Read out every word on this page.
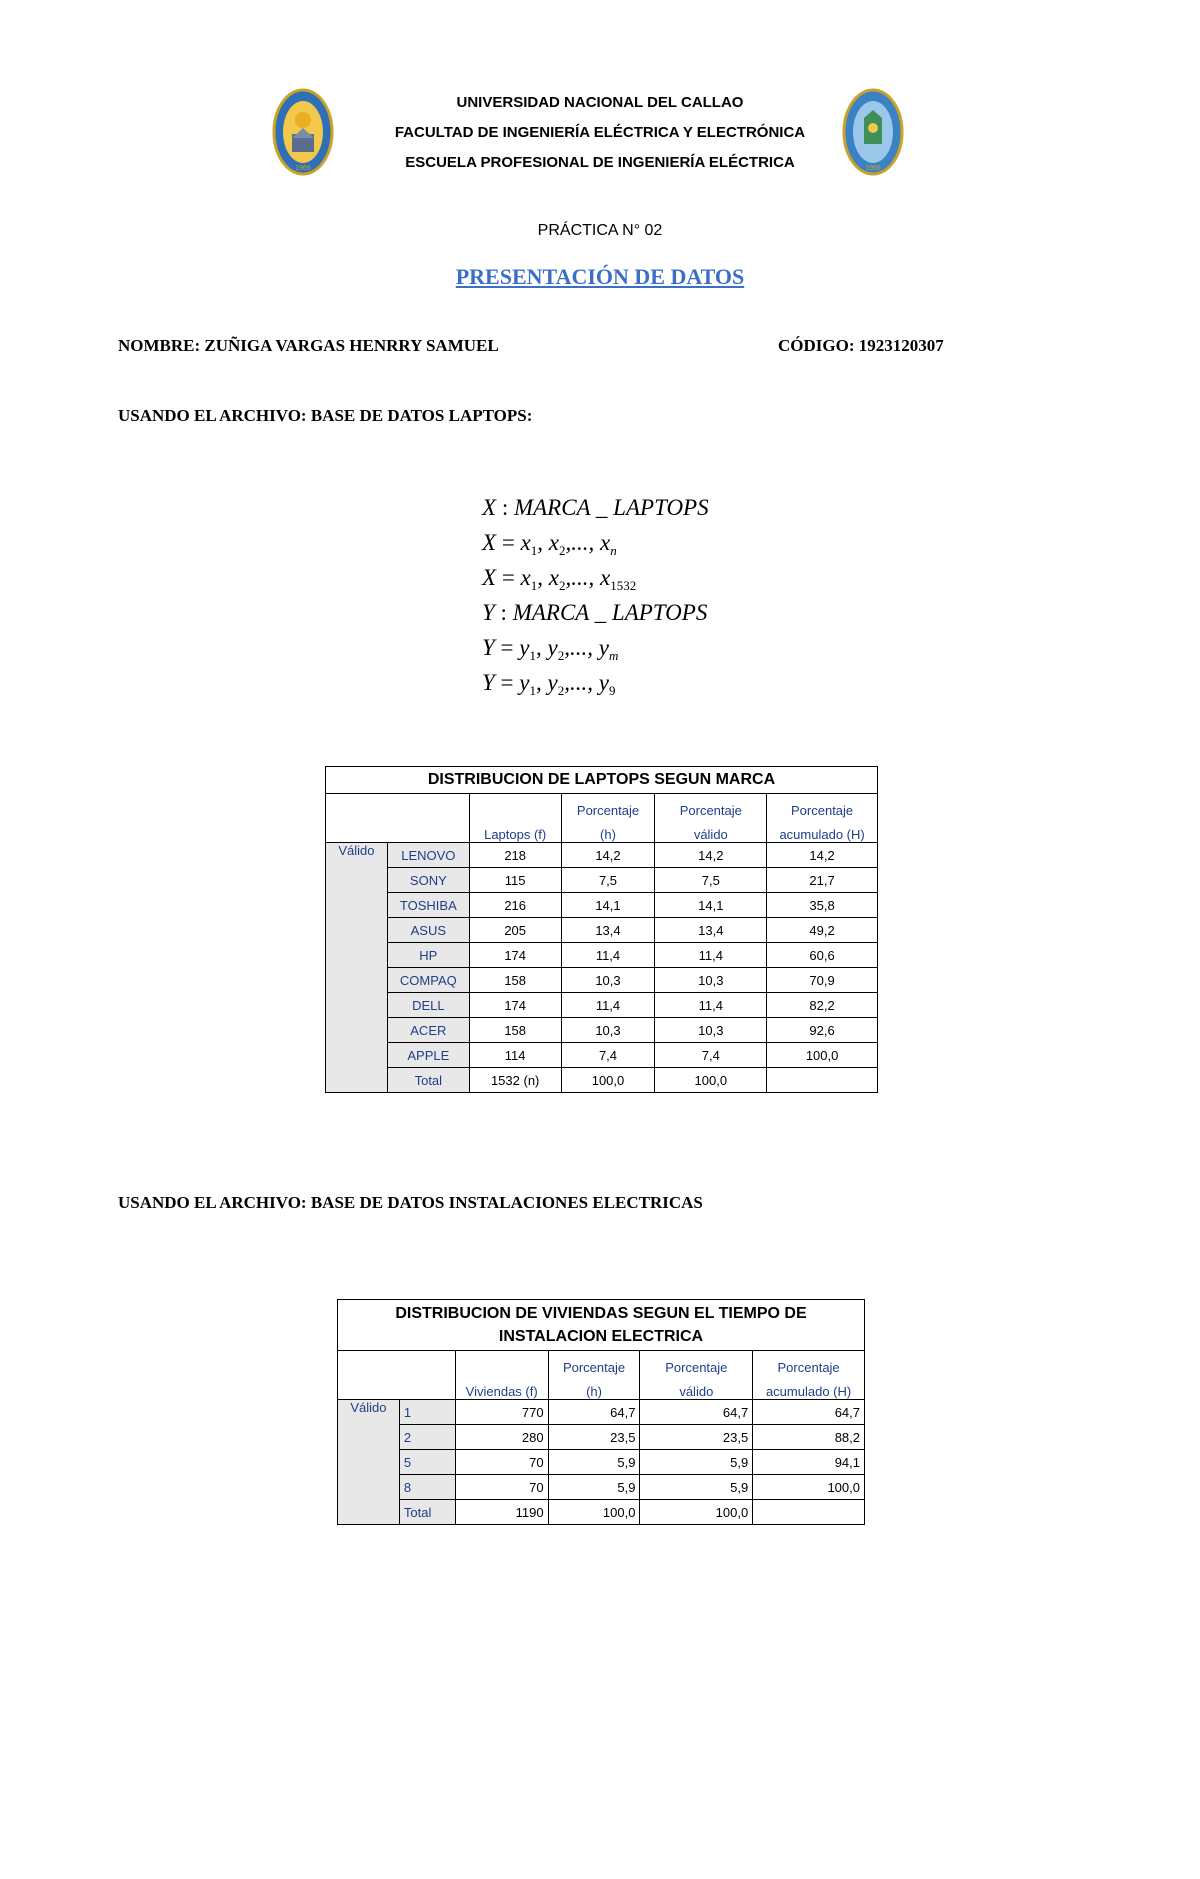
1966
UNIVERSIDAD NACIONAL DEL CALLAO
FACULTAD DE INGENIERÍA ELÉCTRICA Y ELECTRÓNICA
ESCUELA PROFESIONAL DE INGENIERÍA ELÉCTRICA	1966
PRÁCTICA N° 02
PRESENTACIÓN DE DATOS
NOMBRE: ZUÑIGA VARGAS HENRRY SAMUEL	CÓDIGO: 1923120307
USANDO EL ARCHIVO: BASE DE DATOS LAPTOPS:
X : MARCA _ LAPTOPS
$X = x_1$, $x_2$,..., $x_n$
$X = x_1$, $x_2$,..., $x_{1532}$
Y : MARCA _ LAPTOPS
$Y = y_1$, $y_2$,..., $y_m$
$Y = y_1$, $y_2$,..., $y_9$
DISTRIBUCION DE LAPTOPS SEGUN MARCA					
			Porcentaje	Porcentaje	Porcentaje
		Laptops (f)	(h)	válido	acumulado (H)
Válido	LENOVO	218	14,2	14,2	14,2
	SONY	115	7,5	7,5	21,7
	TOSHIBA	216	14,1	14,1	35,8
	ASUS	205	13,4	13,4	49,2
	HP	174	11,4	11,4	60,6
	COMPAQ	158	10,3	10,3	70,9
	DELL	174	11,4	11,4	82,2
	ACER	158	10,3	10,3	92,6
	APPLE	114	7,4	7,4	100,0
	Total	1532 (n)	100,0	100,0	
USANDO EL ARCHIVO: BASE DE DATOS INSTALACIONES ELECTRICAS
DISTRIBUCION DE VIVIENDAS SEGUN EL TIEMPO DE INSTALACION ELECTRICA					
			Porcentaje	Porcentaje	Porcentaje
		Viviendas (f)	(h)	válido	acumulado (H)
Válido	1	770	64,7	64,7	64,7
	2	280	23,5	23,5	88,2
	5	70	5,9	5,9	94,1
	8	70	5,9	5,9	100,0
	Total	1190	100,0	100,0	
